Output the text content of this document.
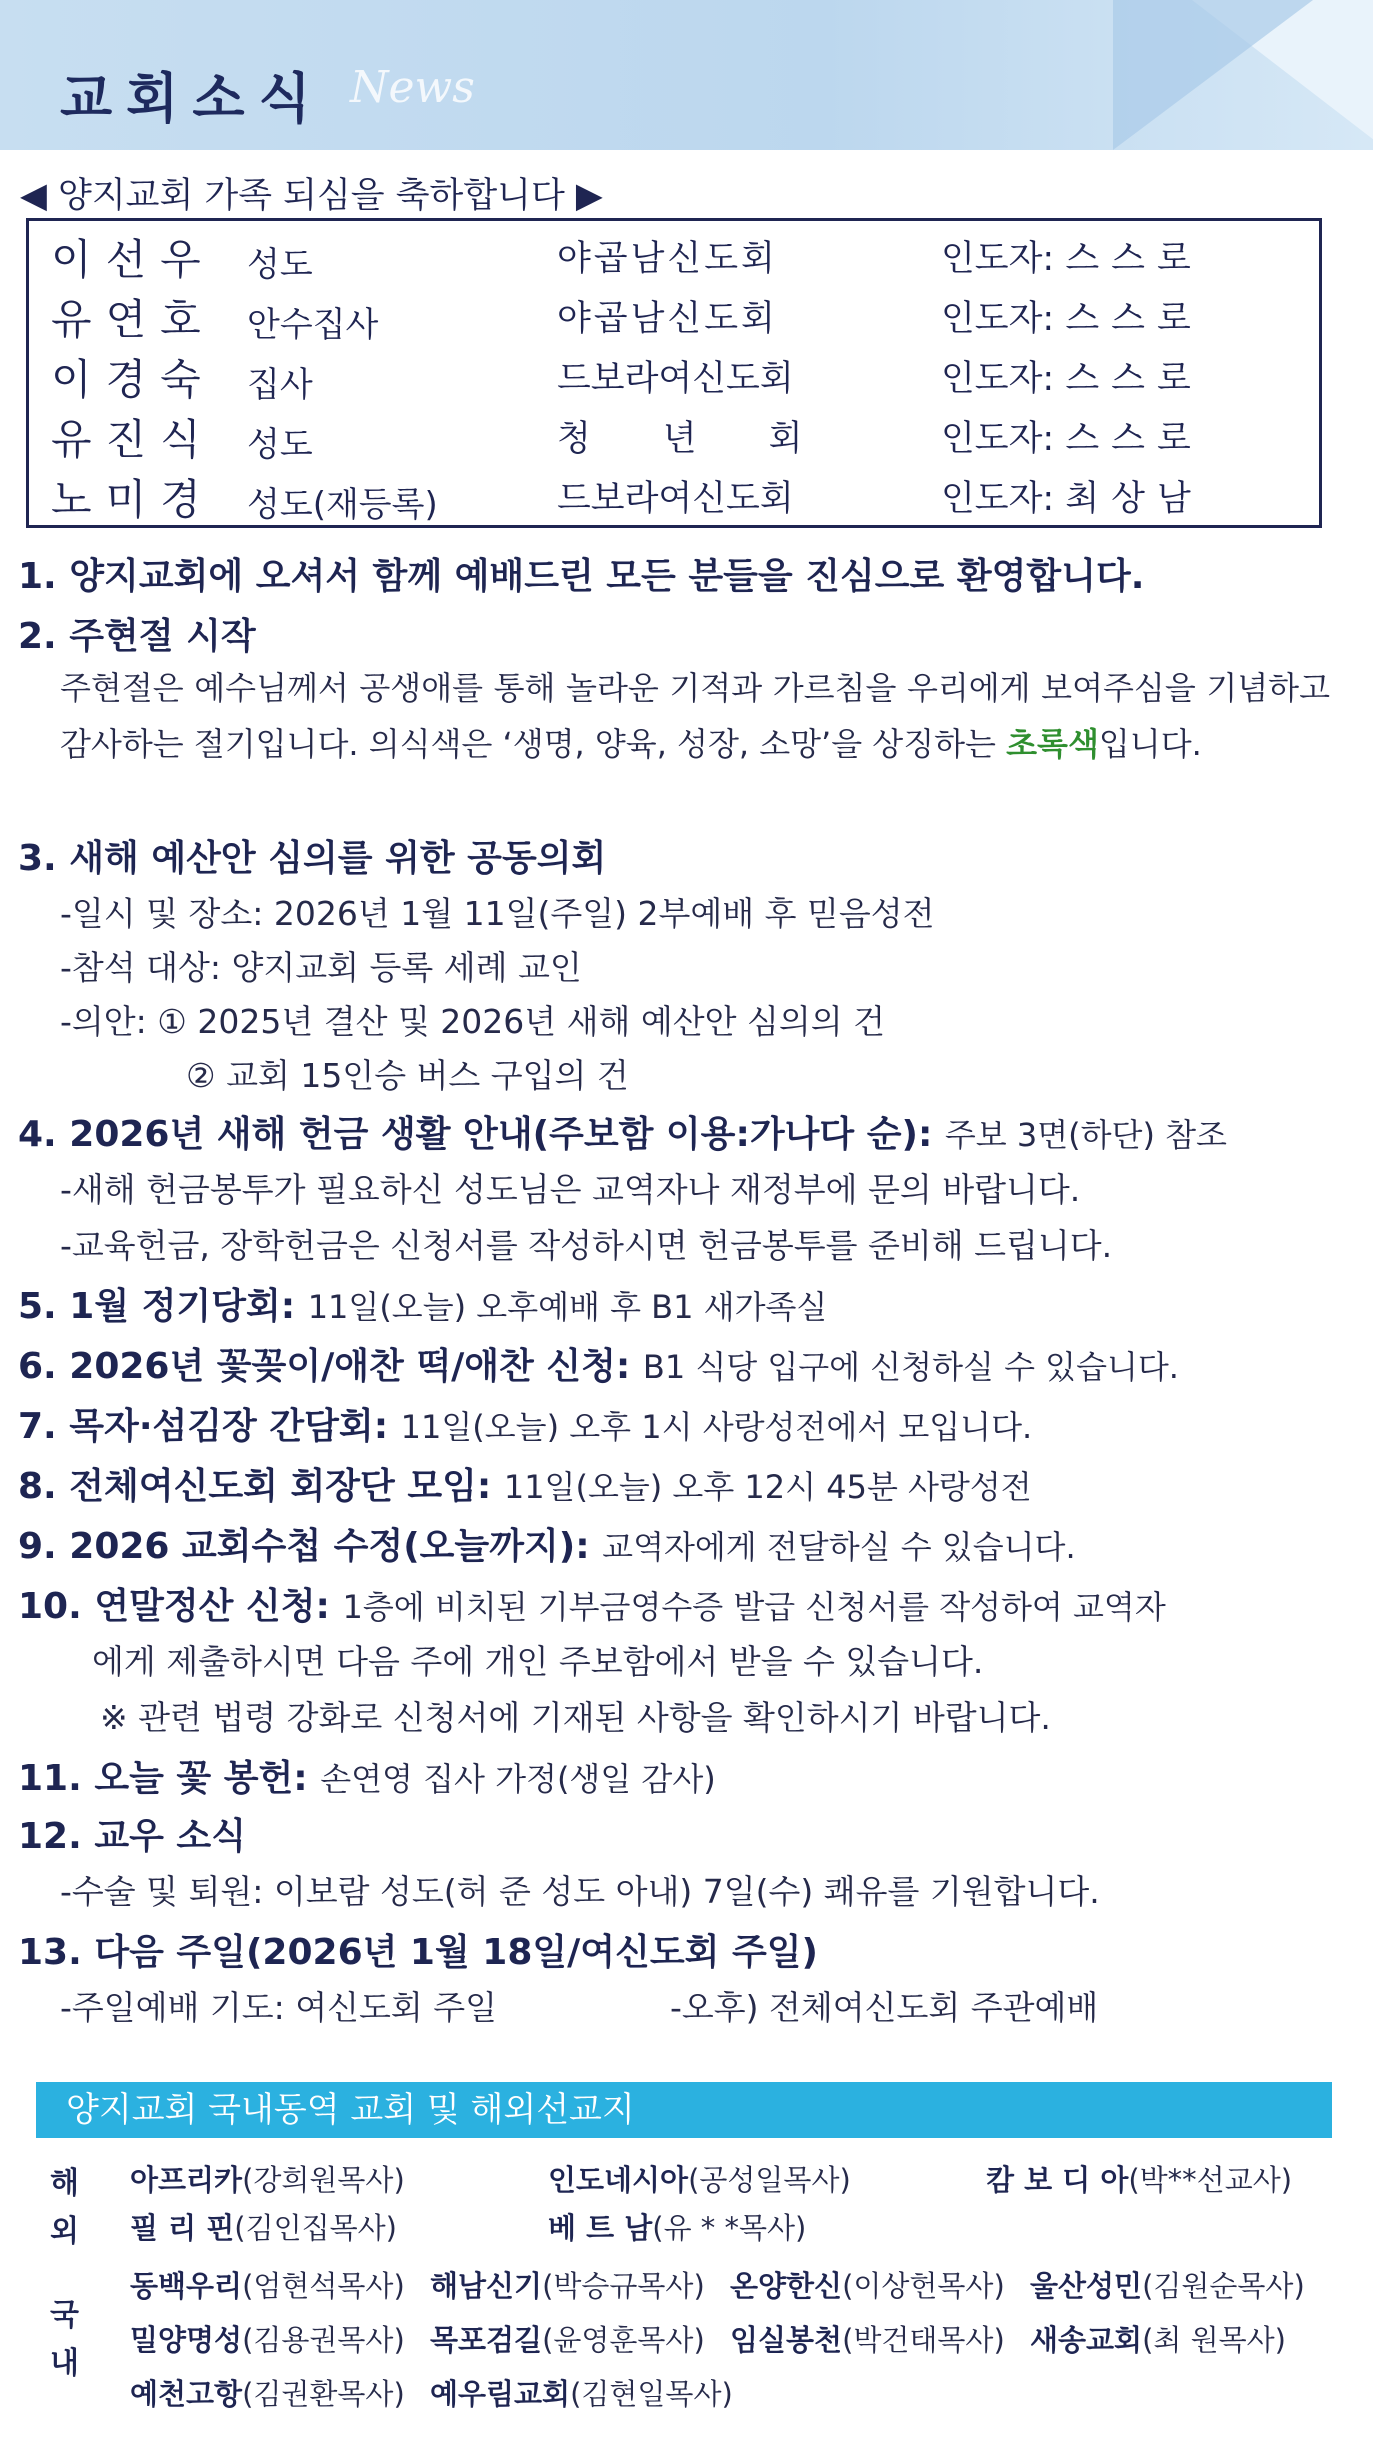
교회소식 News
◀ 양지교회 가족 되심을 축하합니다 ▶
이선우 성도	야곱남신도회	인도자: 스스로
유연호 안수집사	야곱남신도회	인도자: 스스로
이경숙 집사	드보라여신도회	인도자: 스스로
유진식 성도	청년회 인도자: 스스로
노미경 성도(재등록)	드보라여신도회	인도자: 최상남
1. 양지교회에 오셔서 함께 예배드린 모든 분들을 진심으로 환영합니다.
2. 주현절 시작
주현절은 예수님께서 공생애를 통해 놀라운 기적과 가르침을 우리에게 보여주심을 기념하고 감사하는 절기입니다. 의식색은 ‘생명, 양육, 성장, 소망’을 상징하는 초록색입니다.
3. 새해 예산안 심의를 위한 공동의회
-일시 및 장소: 2026년 1월 11일(주일) 2부예배 후 믿음성전
-참석 대상: 양지교회 등록 세례 교인
-의안: ① 2025년 결산 및 2026년 새해 예산안 심의의 건
② 교회 15인승 버스 구입의 건
4. 2026년 새해 헌금 생활 안내(주보함 이용:가나다 순): 주보 3면(하단) 참조
-새해 헌금봉투가 필요하신 성도님은 교역자나 재정부에 문의 바랍니다.
-교육헌금, 장학헌금은 신청서를 작성하시면 헌금봉투를 준비해 드립니다.
5. 1월 정기당회: 11일(오늘) 오후예배 후 B1 새가족실
6. 2026년 꽃꽂이/애찬 떡/애찬 신청: B1 식당 입구에 신청하실 수 있습니다.
7. 목자·섬김장 간담회: 11일(오늘) 오후 1시 사랑성전에서 모입니다.
8. 전체여신도회 회장단 모임: 11일(오늘) 오후 12시 45분 사랑성전
9. 2026 교회수첩 수정(오늘까지): 교역자에게 전달하실 수 있습니다.
10. 연말정산 신청: 1층에 비치된 기부금영수증 발급 신청서를 작성하여 교역자
에게 제출하시면 다음 주에 개인 주보함에서 받을 수 있습니다.
※ 관련 법령 강화로 신청서에 기재된 사항을 확인하시기 바랍니다.
11. 오늘 꽃 봉헌: 손연영 집사 가정(생일 감사)
12. 교우 소식
-수술 및 퇴원: 이보람 성도(허 준 성도 아내) 7일(수) 쾌유를 기원합니다.
13. 다음 주일(2026년 1월 18일/여신도회 주일)
-주일예배 기도: 여신도회 주일	-오후) 전체여신도회 주관예배
양지교회 국내동역 교회 및 해외선교지
해
외
아프리카(강희원목사)	인도네시아(공성일목사)	캄 보 디 아(박**선교사)
필 리 핀(김인집목사)	베 트 남(유 * *목사)
국
내
동백우리(엄현석목사) 해남신기(박승규목사) 온양한신(이상헌목사) 울산성민(김원순목사)
밀양명성(김용권목사) 목포검길(윤영훈목사) 임실봉천(박건태목사) 새송교회(최 원목사)
예천고항(김권환목사) 예우림교회(김현일목사)
